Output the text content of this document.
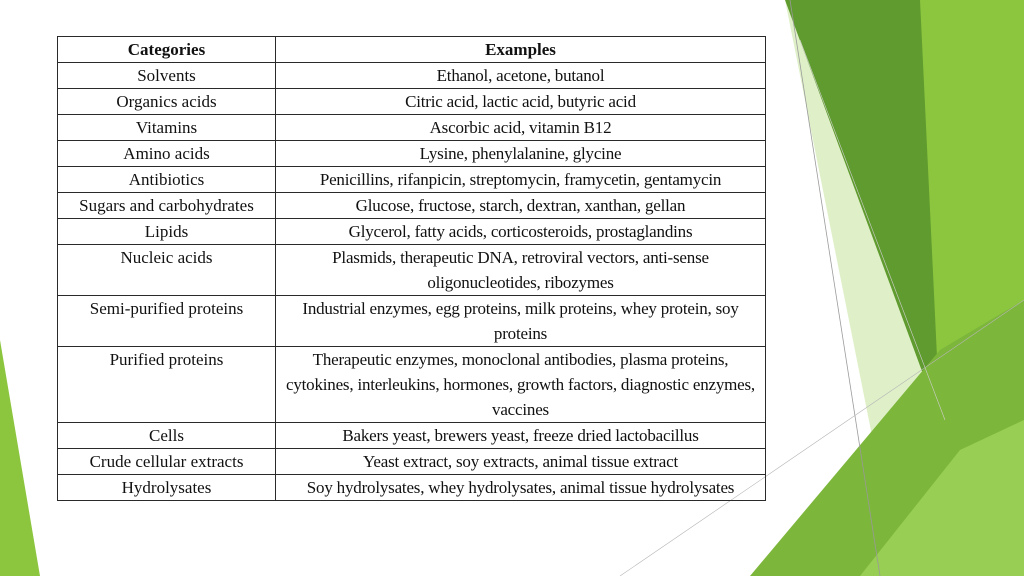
Categories	Examples
Solvents	Ethanol, acetone, butanol
Organics acids	Citric acid, lactic acid, butyric acid
Vitamins	Ascorbic acid, vitamin B12
Amino acids	Lysine, phenylalanine, glycine
Antibiotics	Penicillins, rifanpicin, streptomycin, framycetin, gentamycin
Sugars and carbohydrates	Glucose, fructose, starch, dextran, xanthan, gellan
Lipids	Glycerol, fatty acids, corticosteroids, prostaglandins
Nucleic acids	Plasmids, therapeutic DNA, retroviral vectors, anti-sense oligonucleotides, ribozymes
Semi-purified proteins	Industrial enzymes, egg proteins, milk proteins, whey protein, soy proteins
Purified proteins	Therapeutic enzymes, monoclonal antibodies, plasma proteins, cytokines, interleukins, hormones, growth factors, diagnostic enzymes, vaccines
Cells	Bakers yeast, brewers yeast, freeze dried lactobacillus
Crude cellular extracts	Yeast extract, soy extracts, animal tissue extract
Hydrolysates	Soy hydrolysates, whey hydrolysates, animal tissue hydrolysates
